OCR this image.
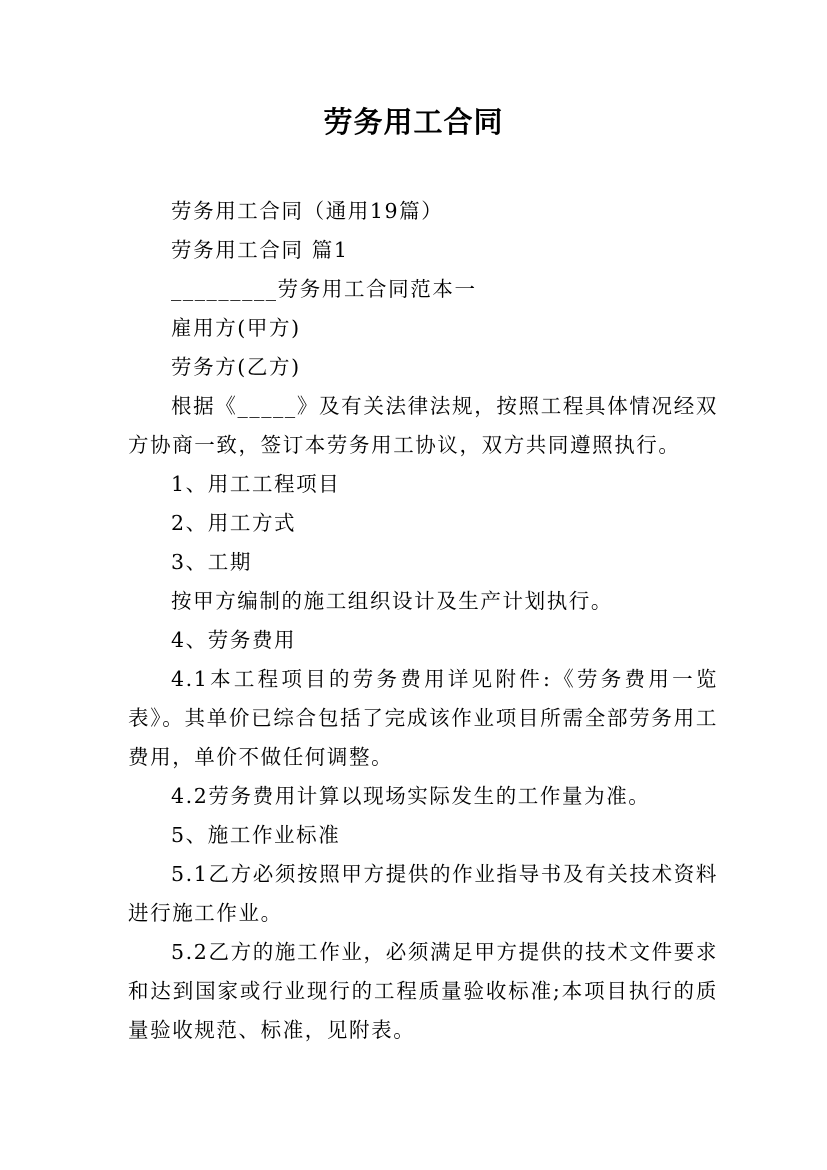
劳务用工合同

劳务用工合同（通用19篇）

劳务用工合同 篇1

_________劳务用工合同范本一

雇用方(甲方)

劳务方(乙方)

根据《_____》及有关法律法规，按照工程具体情况经双方协商一致，签订本劳务用工协议，双方共同遵照执行。

1、用工工程项目

2、用工方式

3、工期

按甲方编制的施工组织设计及生产计划执行。

4、劳务费用

4.1本工程项目的劳务费用详见附件:《劳务费用一览表》。其单价已综合包括了完成该作业项目所需全部劳务用工费用，单价不做任何调整。

4.2劳务费用计算以现场实际发生的工作量为准。

5、施工作业标准

5.1乙方必须按照甲方提供的作业指导书及有关技术资料进行施工作业。

5.2乙方的施工作业，必须满足甲方提供的技术文件要求和达到国家或行业现行的工程质量验收标准;本项目执行的质量验收规范、标准，见附表。
